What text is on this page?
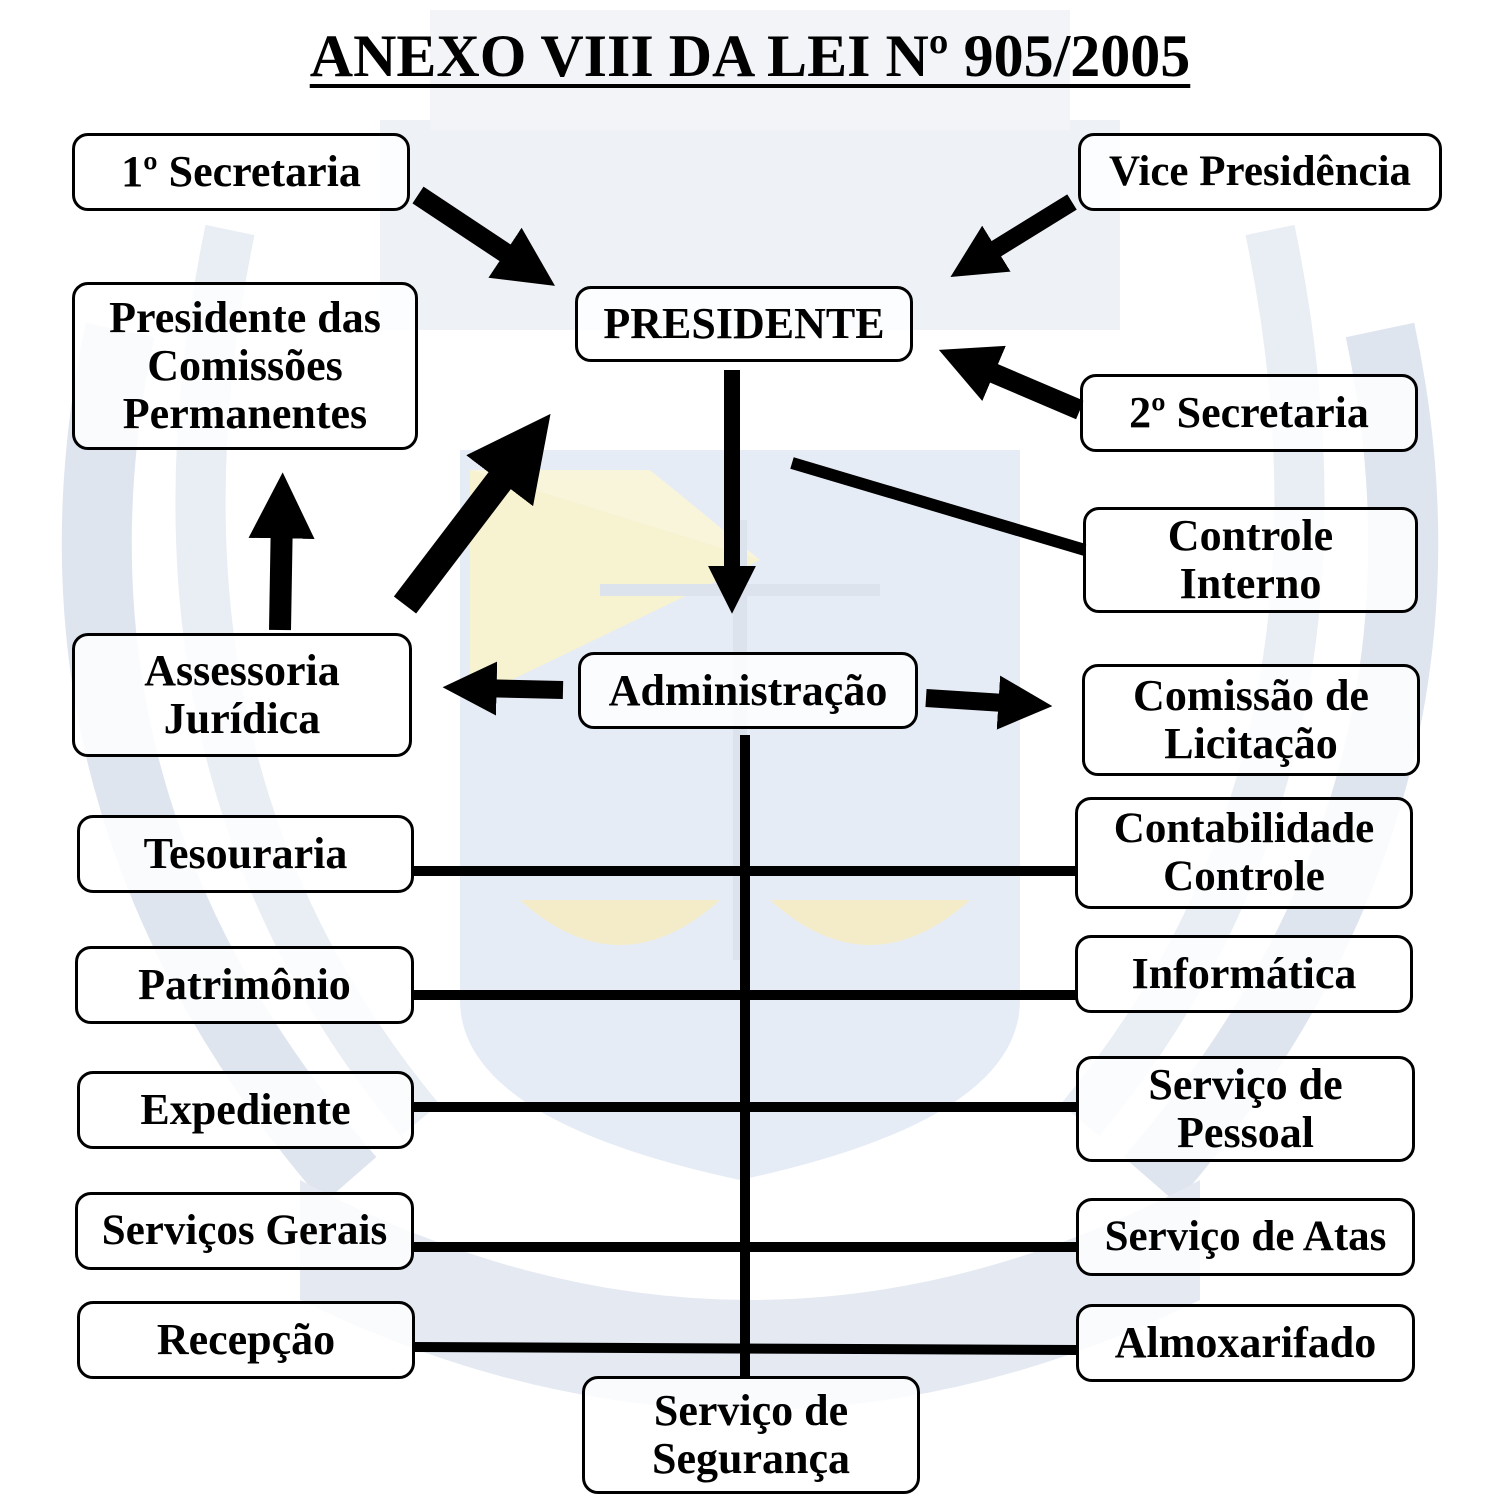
ANEXO VIII DA LEI Nº 905/2005
1º Secretaria	Vice Presidência
PRESIDENTE
Presidente das
Comissões
Permanentes	2º Secretaria
Controle
Interno
Assessoria
Jurídica
Administração	Comissão de
Licitação
Tesouraria
Contabilidade
Controle
Patrimônio	Informática
Expediente
Serviço de
Pessoal
Serviços Gerais	Serviço de Atas
Recepção	Almoxarifado
Serviço de
Segurança
